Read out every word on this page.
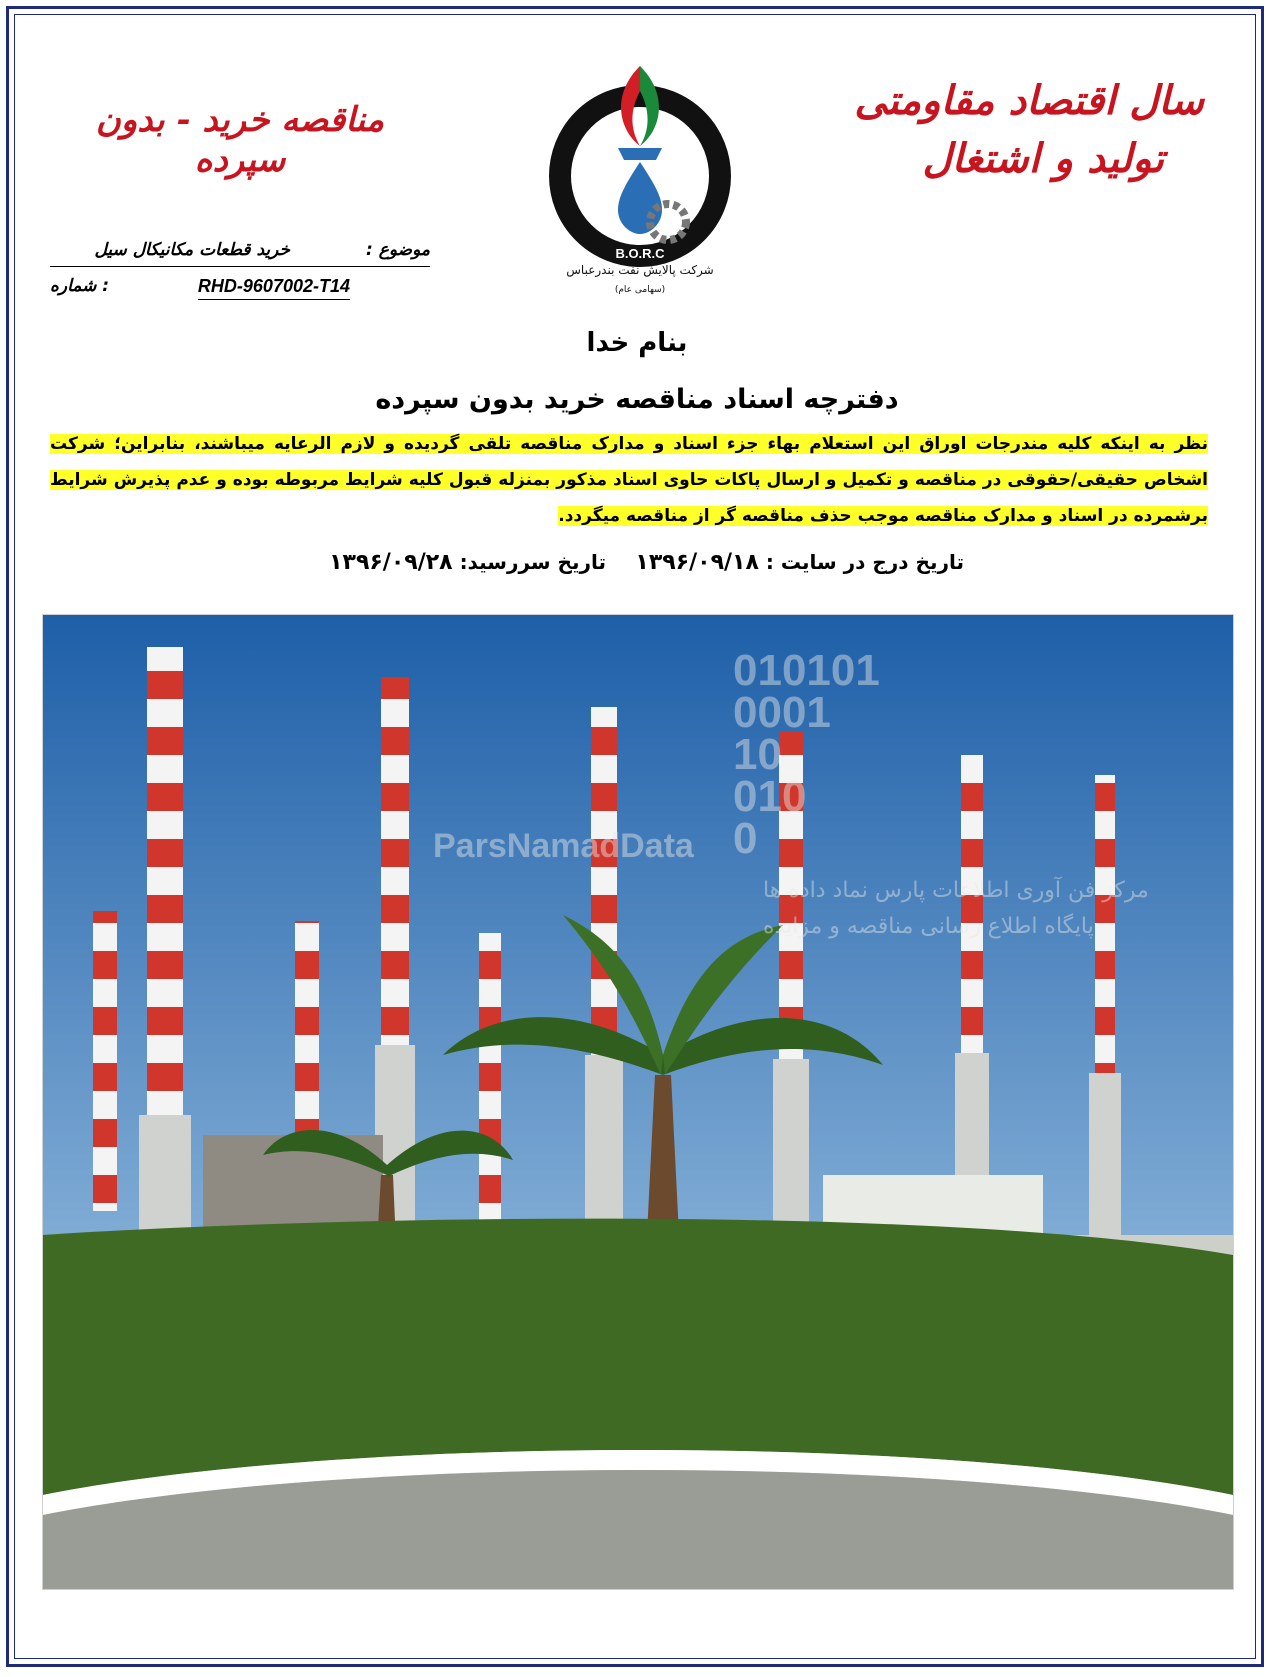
سال اقتصاد مقاومتی
تولید و اشتغال
مناقصه خرید - بدون سپرده
B.O.R.C
شرکت پالایش نفت بندرعباس
(سهامی عام)
موضوع :
خرید قطعات مکانیکال سیل
: شماره	RHD-9607002-T14
بنام خدا
دفترچه اسناد مناقصه خرید بدون سپرده
نظر به اینکه کلیه مندرجات اوراق این استعلام بهاء جزء اسناد و مدارک مناقصه تلقی گردیده و لازم الرعایه میباشند، بنابراین؛ شرکت اشخاص حقیقی/حقوقی در مناقصه و تکمیل و ارسال پاکات حاوی اسناد مذکور بمنزله قبول کلیه شرایط مربوطه بوده و عدم پذیرش شرایط برشمرده در اسناد و مدارک مناقصه موجب حذف مناقصه گر از مناقصه میگردد.
تاریخ درج در سایت : ۱۳۹۶/۰۹/۱۸
تاریخ سررسید: ۱۳۹۶/۰۹/۲۸
010101
0001
10
010
0
ParsNamadData
مرکز فن آوری اطلاعات پارس نماد داده ها
پایگاه اطلاع رسانی مناقصه و مزایده
